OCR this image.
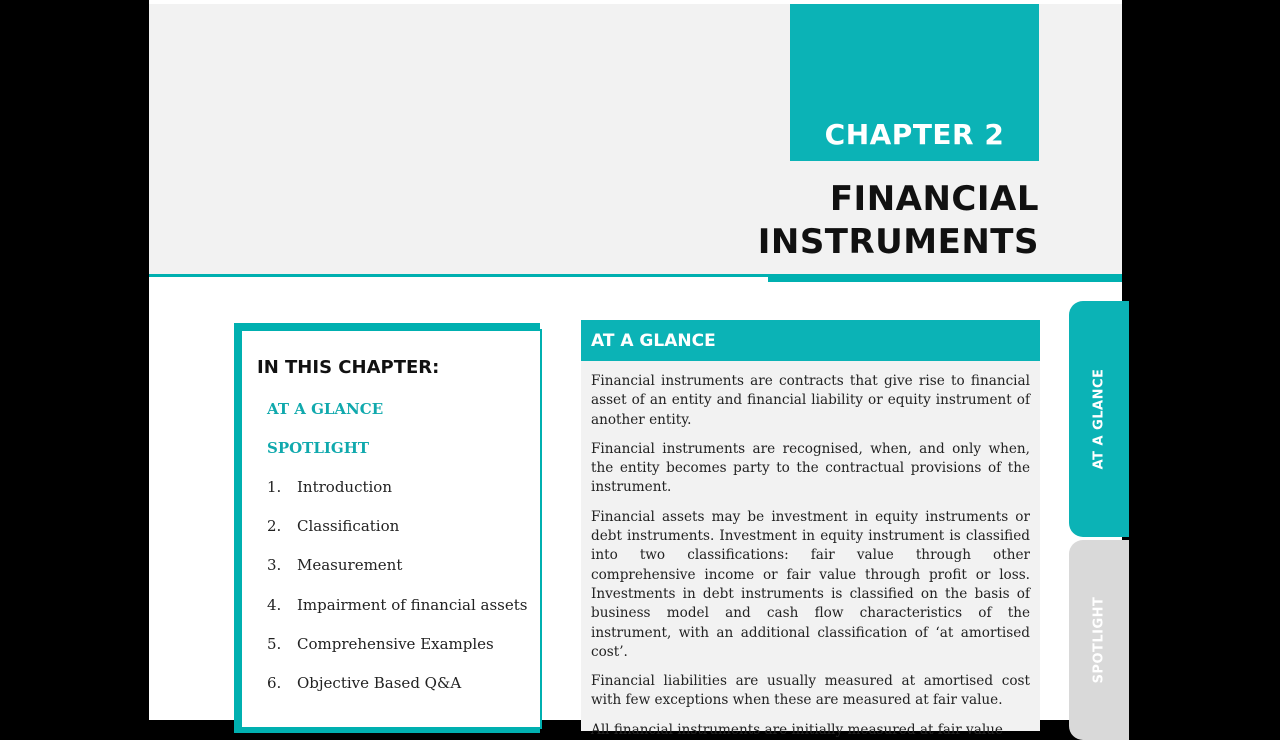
CHAPTER 2
FINANCIAL
INSTRUMENTS
IN THIS CHAPTER:
AT A GLANCE
SPOTLIGHT
1. Introduction
2. Classification
3. Measurement
4. Impairment of financial assets
5. Comprehensive Examples
6. Objective Based Q&A
AT A GLANCE

Financial instruments are contracts that give rise to financial asset of an entity and financial liability or equity instrument of another entity.

Financial instruments are recognised, when, and only when, the entity becomes party to the contractual provisions of the instrument.

Financial assets may be investment in equity instruments or debt instruments. Investment in equity instrument is classified into two classifications: fair value through other comprehensive income or fair value through profit or loss. Investments in debt instruments is classified on the basis of business model and cash flow characteristics of the instrument, with an additional classification of ‘at amortised cost’.

Financial liabilities are usually measured at amortised cost with few exceptions when these are measured at fair value.

All financial instruments are initially measured at fair value

AT A GLANCE
SPOTLIGHT
